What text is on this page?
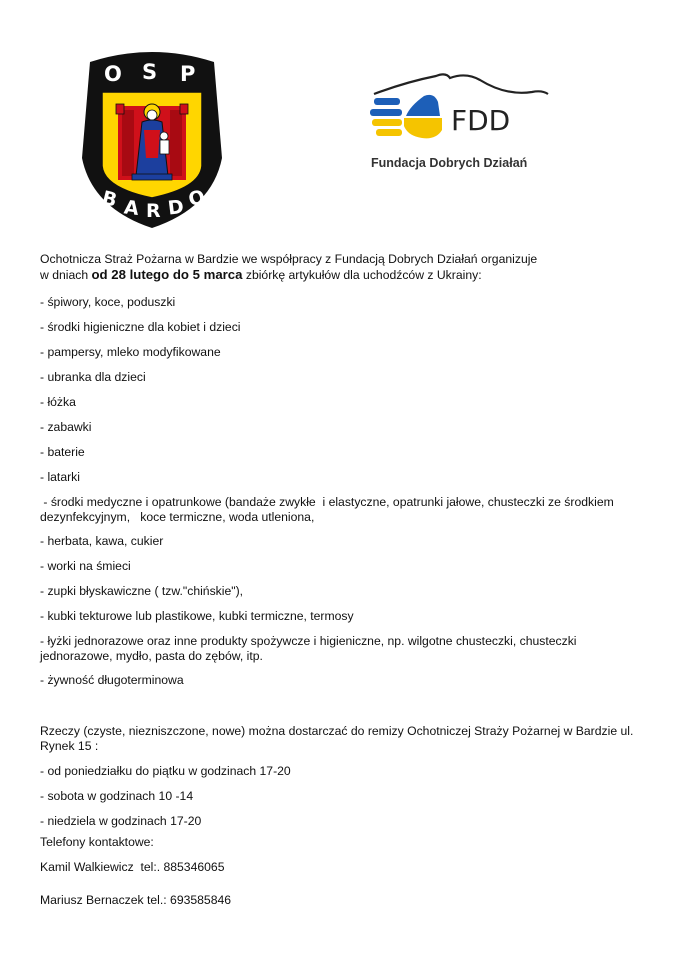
O S P
B A R D O
FDD
Fundacja Dobrych Działań

Ochotnicza Straż Pożarna w Bardzie we współpracy z Fundacją Dobrych Działań organizuje
w dniach od 28 lutego do 5 marca zbiórkę artykułów dla uchodźców z Ukrainy:

- śpiwory, koce, poduszki

- środki higieniczne dla kobiet i dzieci

- pampersy, mleko modyfikowane

- ubranka dla dzieci

- łóżka

- zabawki

- baterie

- latarki

- środki medyczne i opatrunkowe (bandaże zwykłe  i elastyczne, opatrunki jałowe, chusteczki ze środkiem dezynfekcyjnym,   koce termiczne, woda utleniona,

- herbata, kawa, cukier

- worki na śmieci

- zupki błyskawiczne ( tzw."chińskie"),

- kubki tekturowe lub plastikowe, kubki termiczne, termosy

- łyżki jednorazowe oraz inne produkty spożywcze i higieniczne, np. wilgotne chusteczki, chusteczki jednorazowe, mydło, pasta do zębów, itp.

- żywność długoterminowa

Rzeczy (czyste, niezniszczone, nowe) można dostarczać do remizy Ochotniczej Straży Pożarnej w Bardzie ul. Rynek 15 :

- od poniedziałku do piątku w godzinach 17-20

- sobota w godzinach 10 -14

- niedziela w godzinach 17-20

Telefony kontaktowe:

Kamil Walkiewicz  tel:. 885346065

Mariusz Bernaczek tel.: 693585846
